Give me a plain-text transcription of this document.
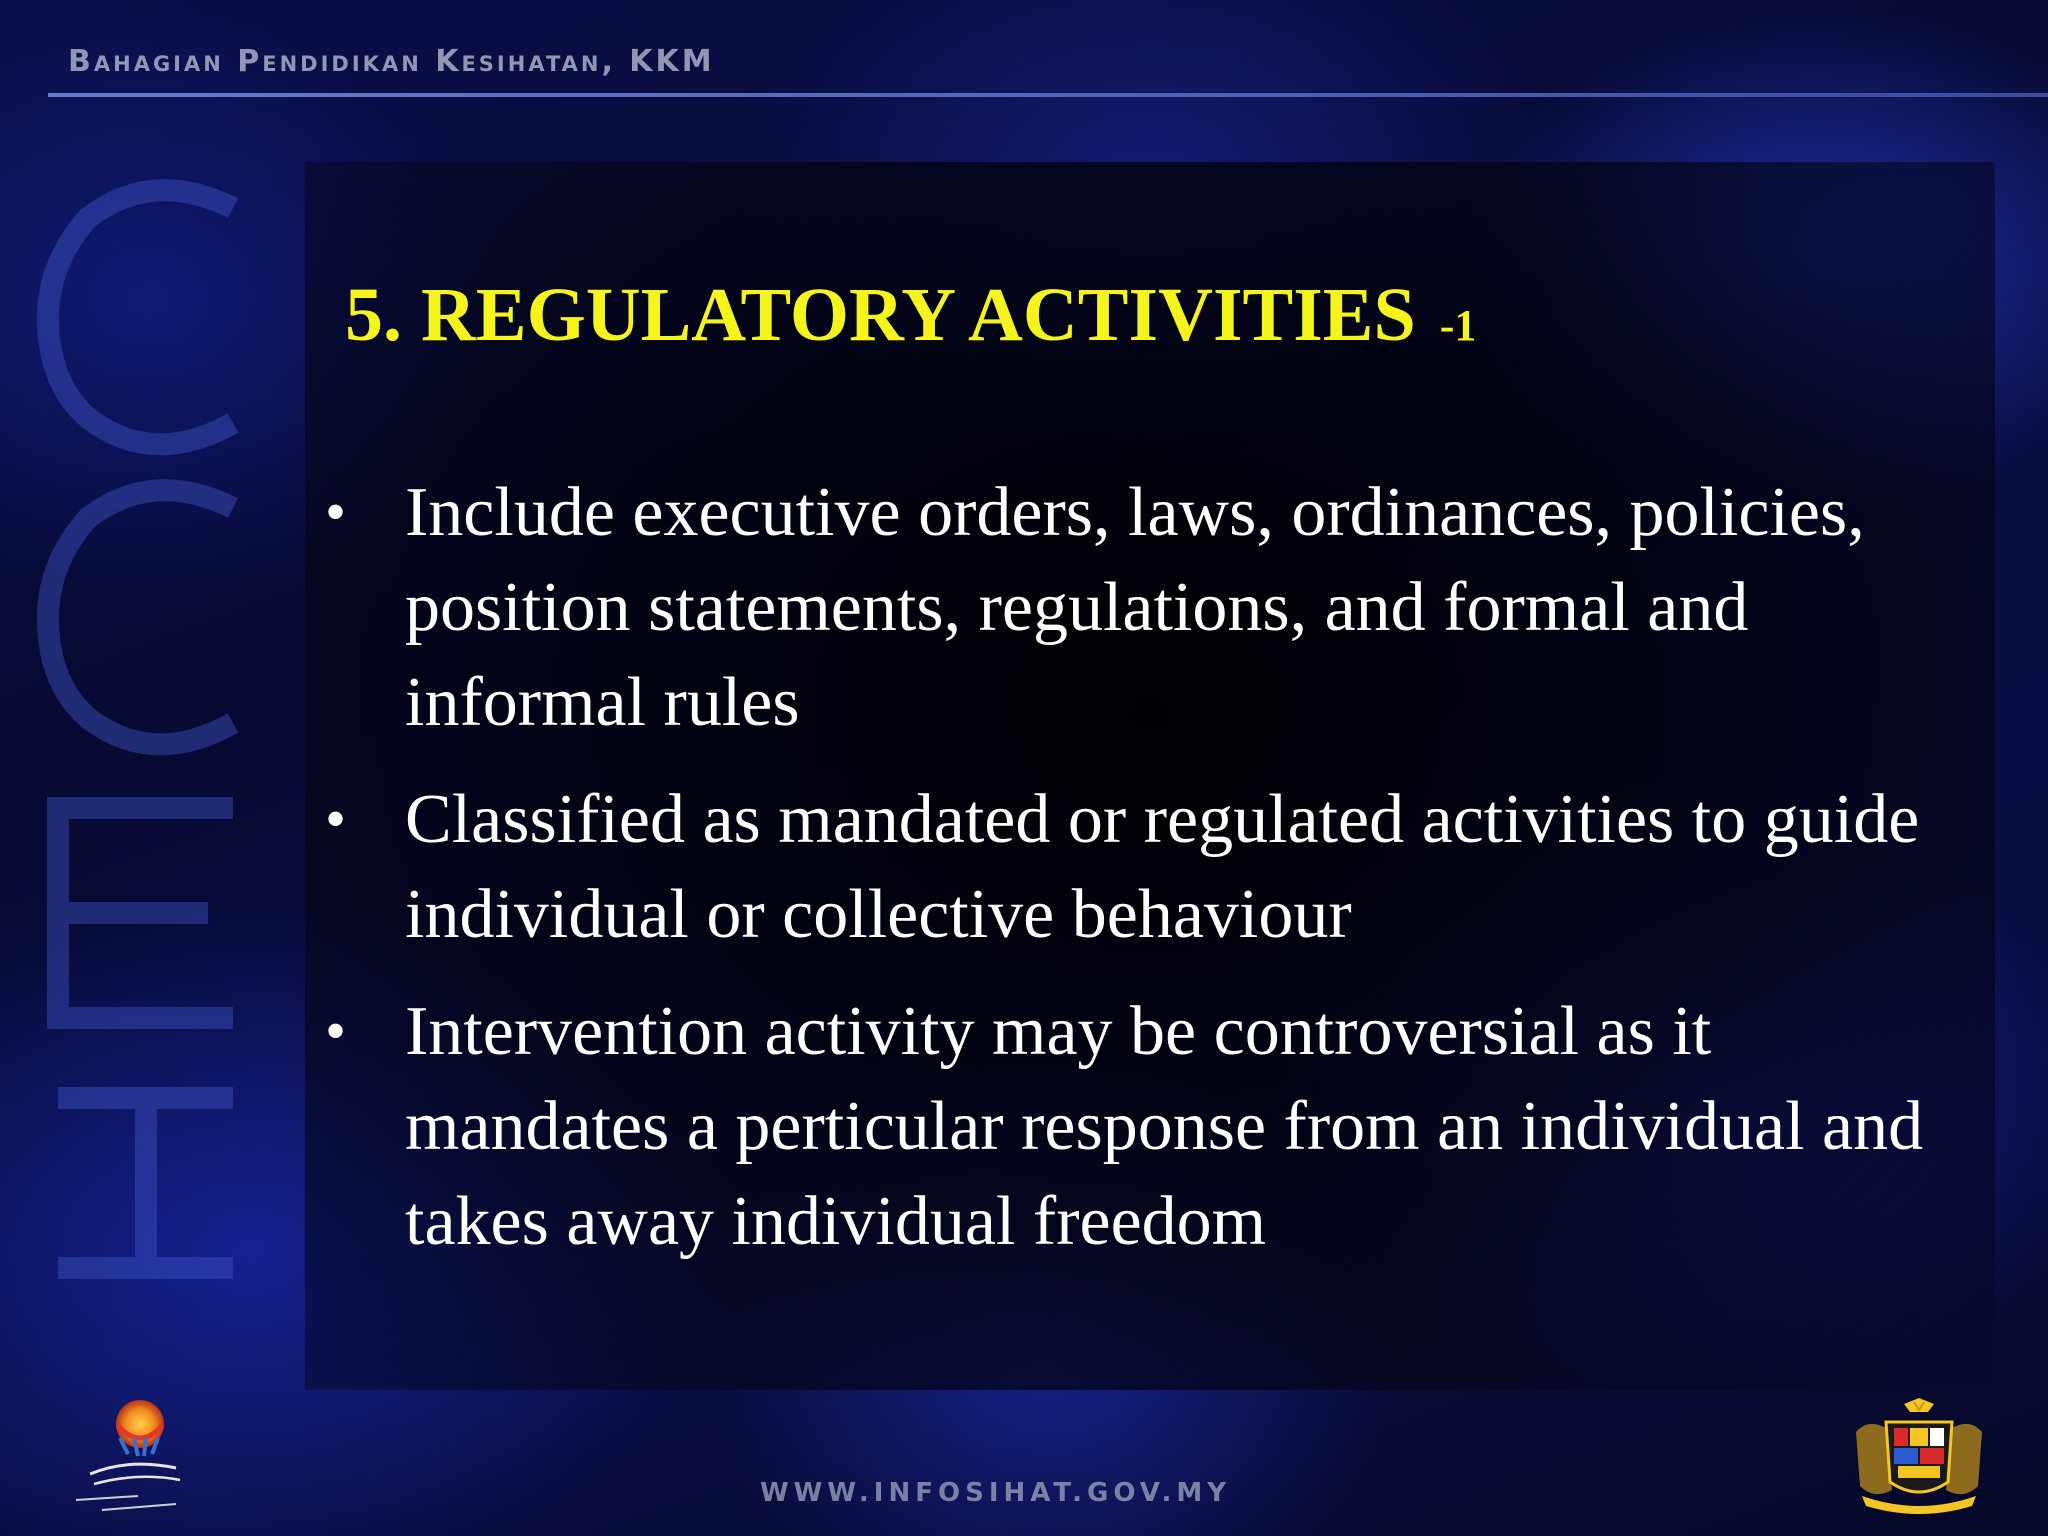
Bahagian Pendidikan Kesihatan, KKM
5. REGULATORY ACTIVITIES -1
• Include executive orders, laws, ordinances, policies, position statements, regulations, and formal and informal rules
• Classified as mandated or regulated activities to guide individual or collective behaviour
• Intervention activity may be controversial as it mandates a perticular response from an individual and takes away individual freedom
WWW.INFOSIHAT.GOV.MY
